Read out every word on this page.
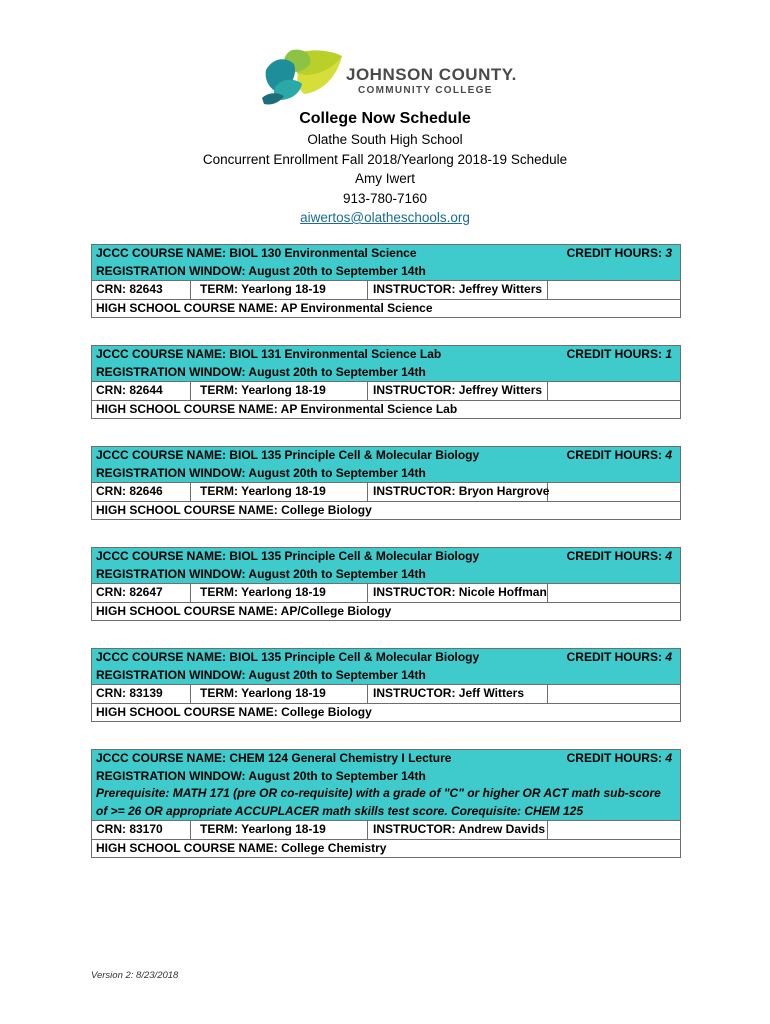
JOHNSON COUNTY.
COMMUNITY COLLEGE
College Now Schedule
Olathe South High School
Concurrent Enrollment Fall 2018/Yearlong 2018-19 Schedule
Amy Iwert
913-780-7160
aiwertos@olatheschools.org
JCCC COURSE NAME: BIOL 130 Environmental Science	CREDIT HOURS: 3
REGISTRATION WINDOW: August 20th to September 14th
CRN: 82643	TERM: Yearlong 18-19	INSTRUCTOR: Jeffrey Witters
HIGH SCHOOL COURSE NAME: AP Environmental Science
JCCC COURSE NAME: BIOL 131 Environmental Science Lab	CREDIT HOURS: 1
REGISTRATION WINDOW: August 20th to September 14th
CRN: 82644	TERM: Yearlong 18-19	INSTRUCTOR: Jeffrey Witters
HIGH SCHOOL COURSE NAME: AP Environmental Science Lab
JCCC COURSE NAME: BIOL 135 Principle Cell & Molecular Biology	CREDIT HOURS: 4
REGISTRATION WINDOW: August 20th to September 14th
CRN: 82646	TERM: Yearlong 18-19	INSTRUCTOR: Bryon Hargrove
HIGH SCHOOL COURSE NAME: College Biology
JCCC COURSE NAME: BIOL 135 Principle Cell & Molecular Biology	CREDIT HOURS: 4
REGISTRATION WINDOW: August 20th to September 14th
CRN: 82647	TERM: Yearlong 18-19	INSTRUCTOR: Nicole Hoffman
HIGH SCHOOL COURSE NAME: AP/College Biology
JCCC COURSE NAME: BIOL 135 Principle Cell & Molecular Biology	CREDIT HOURS: 4
REGISTRATION WINDOW: August 20th to September 14th
CRN: 83139	TERM: Yearlong 18-19	INSTRUCTOR: Jeff Witters
HIGH SCHOOL COURSE NAME: College Biology
JCCC COURSE NAME: CHEM 124 General Chemistry I Lecture	CREDIT HOURS: 4
REGISTRATION WINDOW: August 20th to September 14th
Prerequisite: MATH 171 (pre OR co-requisite) with a grade of "C" or higher OR ACT math sub-score of >= 26 OR appropriate ACCUPLACER math skills test score. Corequisite: CHEM 125
CRN: 83170	TERM: Yearlong 18-19	INSTRUCTOR: Andrew Davids
HIGH SCHOOL COURSE NAME: College Chemistry
Version 2: 8/23/2018
